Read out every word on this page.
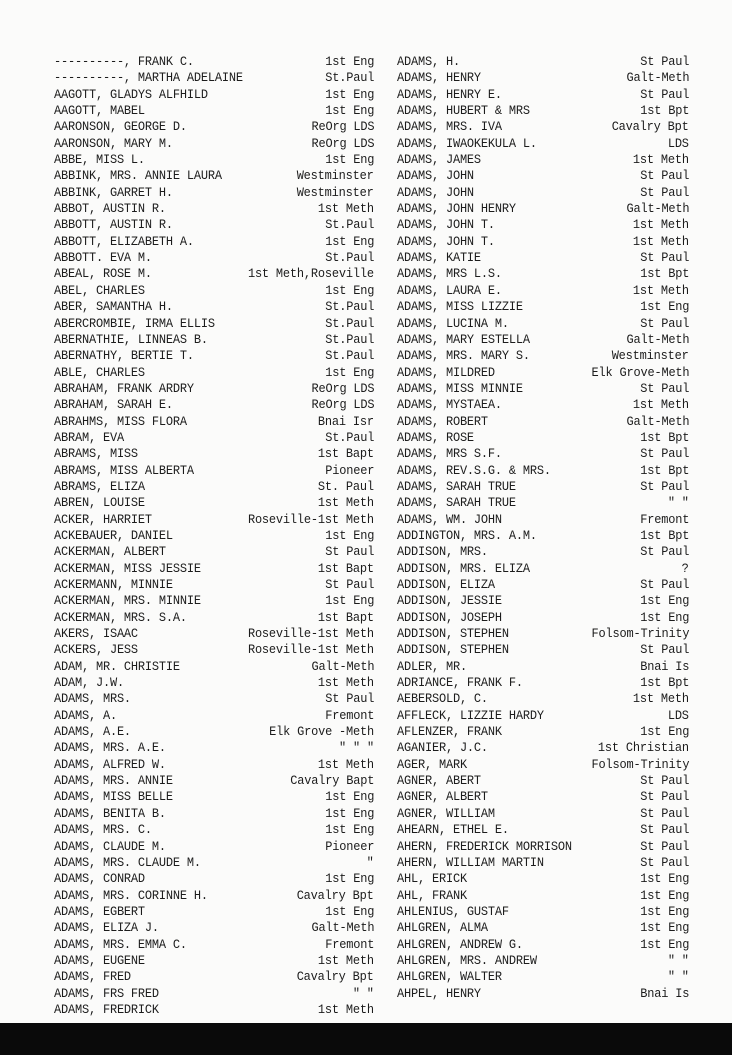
----------, FRANK C.	1st Eng
----------, MARTHA ADELAINE	St.Paul
AAGOTT, GLADYS ALFHILD	1st Eng
AAGOTT, MABEL	1st Eng
AARONSON, GEORGE D.	ReOrg LDS
AARONSON, MARY M.	ReOrg LDS
ABBE, MISS L.	1st Eng
ABBINK, MRS. ANNIE LAURA	Westminster
ABBINK, GARRET H.	Westminster
ABBOT, AUSTIN R.	1st Meth
ABBOTT, AUSTIN R.	St.Paul
ABBOTT, ELIZABETH A.	1st Eng
ABBOTT. EVA M.	St.Paul
ABEAL, ROSE M.	1st Meth,Roseville
ABEL, CHARLES	1st Eng
ABER, SAMANTHA H.	St.Paul
ABERCROMBIE, IRMA ELLIS	St.Paul
ABERNATHIE, LINNEAS B.	St.Paul
ABERNATHY, BERTIE T.	St.Paul
ABLE, CHARLES	1st Eng
ABRAHAM, FRANK ARDRY	ReOrg LDS
ABRAHAM, SARAH E.	ReOrg LDS
ABRAHMS, MISS FLORA	Bnai Isr
ABRAM, EVA	St.Paul
ABRAMS, MISS	1st Bapt
ABRAMS, MISS ALBERTA	Pioneer
ABRAMS, ELIZA	St. Paul
ABREN, LOUISE	1st Meth
ACKER, HARRIET	Roseville-1st Meth
ACKEBAUER, DANIEL	1st Eng
ACKERMAN, ALBERT	St Paul
ACKERMAN, MISS JESSIE	1st Bapt
ACKERMANN, MINNIE	St Paul
ACKERMAN, MRS. MINNIE	1st Eng
ACKERMAN, MRS. S.A.	1st Bapt
AKERS, ISAAC	Roseville-1st Meth
ACKERS, JESS	Roseville-1st Meth
ADAM, MR. CHRISTIE	Galt-Meth
ADAM, J.W.	1st Meth
ADAMS, MRS.	St Paul
ADAMS, A.	Fremont
ADAMS, A.E.	Elk Grove -Meth
ADAMS, MRS. A.E.	" " "
ADAMS, ALFRED W.	1st Meth
ADAMS, MRS. ANNIE	Cavalry Bapt
ADAMS, MISS BELLE	1st Eng
ADAMS, BENITA B.	1st Eng
ADAMS, MRS. C.	1st Eng
ADAMS, CLAUDE M.	Pioneer
ADAMS, MRS. CLAUDE M.	"
ADAMS, CONRAD	1st Eng
ADAMS, MRS. CORINNE H.	Cavalry Bpt
ADAMS, EGBERT	1st Eng
ADAMS, ELIZA J.	Galt-Meth
ADAMS, MRS. EMMA C.	Fremont
ADAMS, EUGENE	1st Meth
ADAMS, FRED	Cavalry Bpt
ADAMS, FRS FRED	" "
ADAMS, FREDRICK	1st Meth
ADAMS, H.	St Paul
ADAMS, HENRY	Galt-Meth
ADAMS, HENRY E.	St Paul
ADAMS, HUBERT & MRS	1st Bpt
ADAMS, MRS. IVA	Cavalry Bpt
ADAMS, IWAOKEKULA L.	LDS
ADAMS, JAMES	1st Meth
ADAMS, JOHN	St Paul
ADAMS, JOHN	St Paul
ADAMS, JOHN HENRY	Galt-Meth
ADAMS, JOHN T.	1st Meth
ADAMS, JOHN T.	1st Meth
ADAMS, KATIE	St Paul
ADAMS, MRS L.S.	1st Bpt
ADAMS, LAURA E.	1st Meth
ADAMS, MISS LIZZIE	1st Eng
ADAMS, LUCINA M.	St Paul
ADAMS, MARY ESTELLA	Galt-Meth
ADAMS, MRS. MARY S.	Westminster
ADAMS, MILDRED	Elk Grove-Meth
ADAMS, MISS MINNIE	St Paul
ADAMS, MYSTAEA.	1st Meth
ADAMS, ROBERT	Galt-Meth
ADAMS, ROSE	1st Bpt
ADAMS, MRS S.F.	St Paul
ADAMS, REV.S.G. & MRS.	1st Bpt
ADAMS, SARAH TRUE	St Paul
ADAMS, SARAH TRUE	" "
ADAMS, WM. JOHN	Fremont
ADDINGTON, MRS. A.M.	1st Bpt
ADDISON, MRS.	St Paul
ADDISON, MRS. ELIZA	?
ADDISON, ELIZA	St Paul
ADDISON, JESSIE	1st Eng
ADDISON, JOSEPH	1st Eng
ADDISON, STEPHEN	Folsom-Trinity
ADDISON, STEPHEN	St Paul
ADLER, MR.	Bnai Is
ADRIANCE, FRANK F.	1st Bpt
AEBERSOLD, C.	1st Meth
AFFLECK, LIZZIE HARDY	LDS
AFLENZER, FRANK	1st Eng
AGANIER, J.C.	1st Christian
AGER, MARK	Folsom-Trinity
AGNER, ABERT	St Paul
AGNER, ALBERT	St Paul
AGNER, WILLIAM	St Paul
AHEARN, ETHEL E.	St Paul
AHERN, FREDERICK MORRISON	St Paul
AHERN, WILLIAM MARTIN	St Paul
AHL, ERICK	1st Eng
AHL, FRANK	1st Eng
AHLENIUS, GUSTAF	1st Eng
AHLGREN, ALMA	1st Eng
AHLGREN, ANDREW G.	1st Eng
AHLGREN, MRS. ANDREW	" "
AHLGREN, WALTER	" "
AHPEL, HENRY	Bnai Is
